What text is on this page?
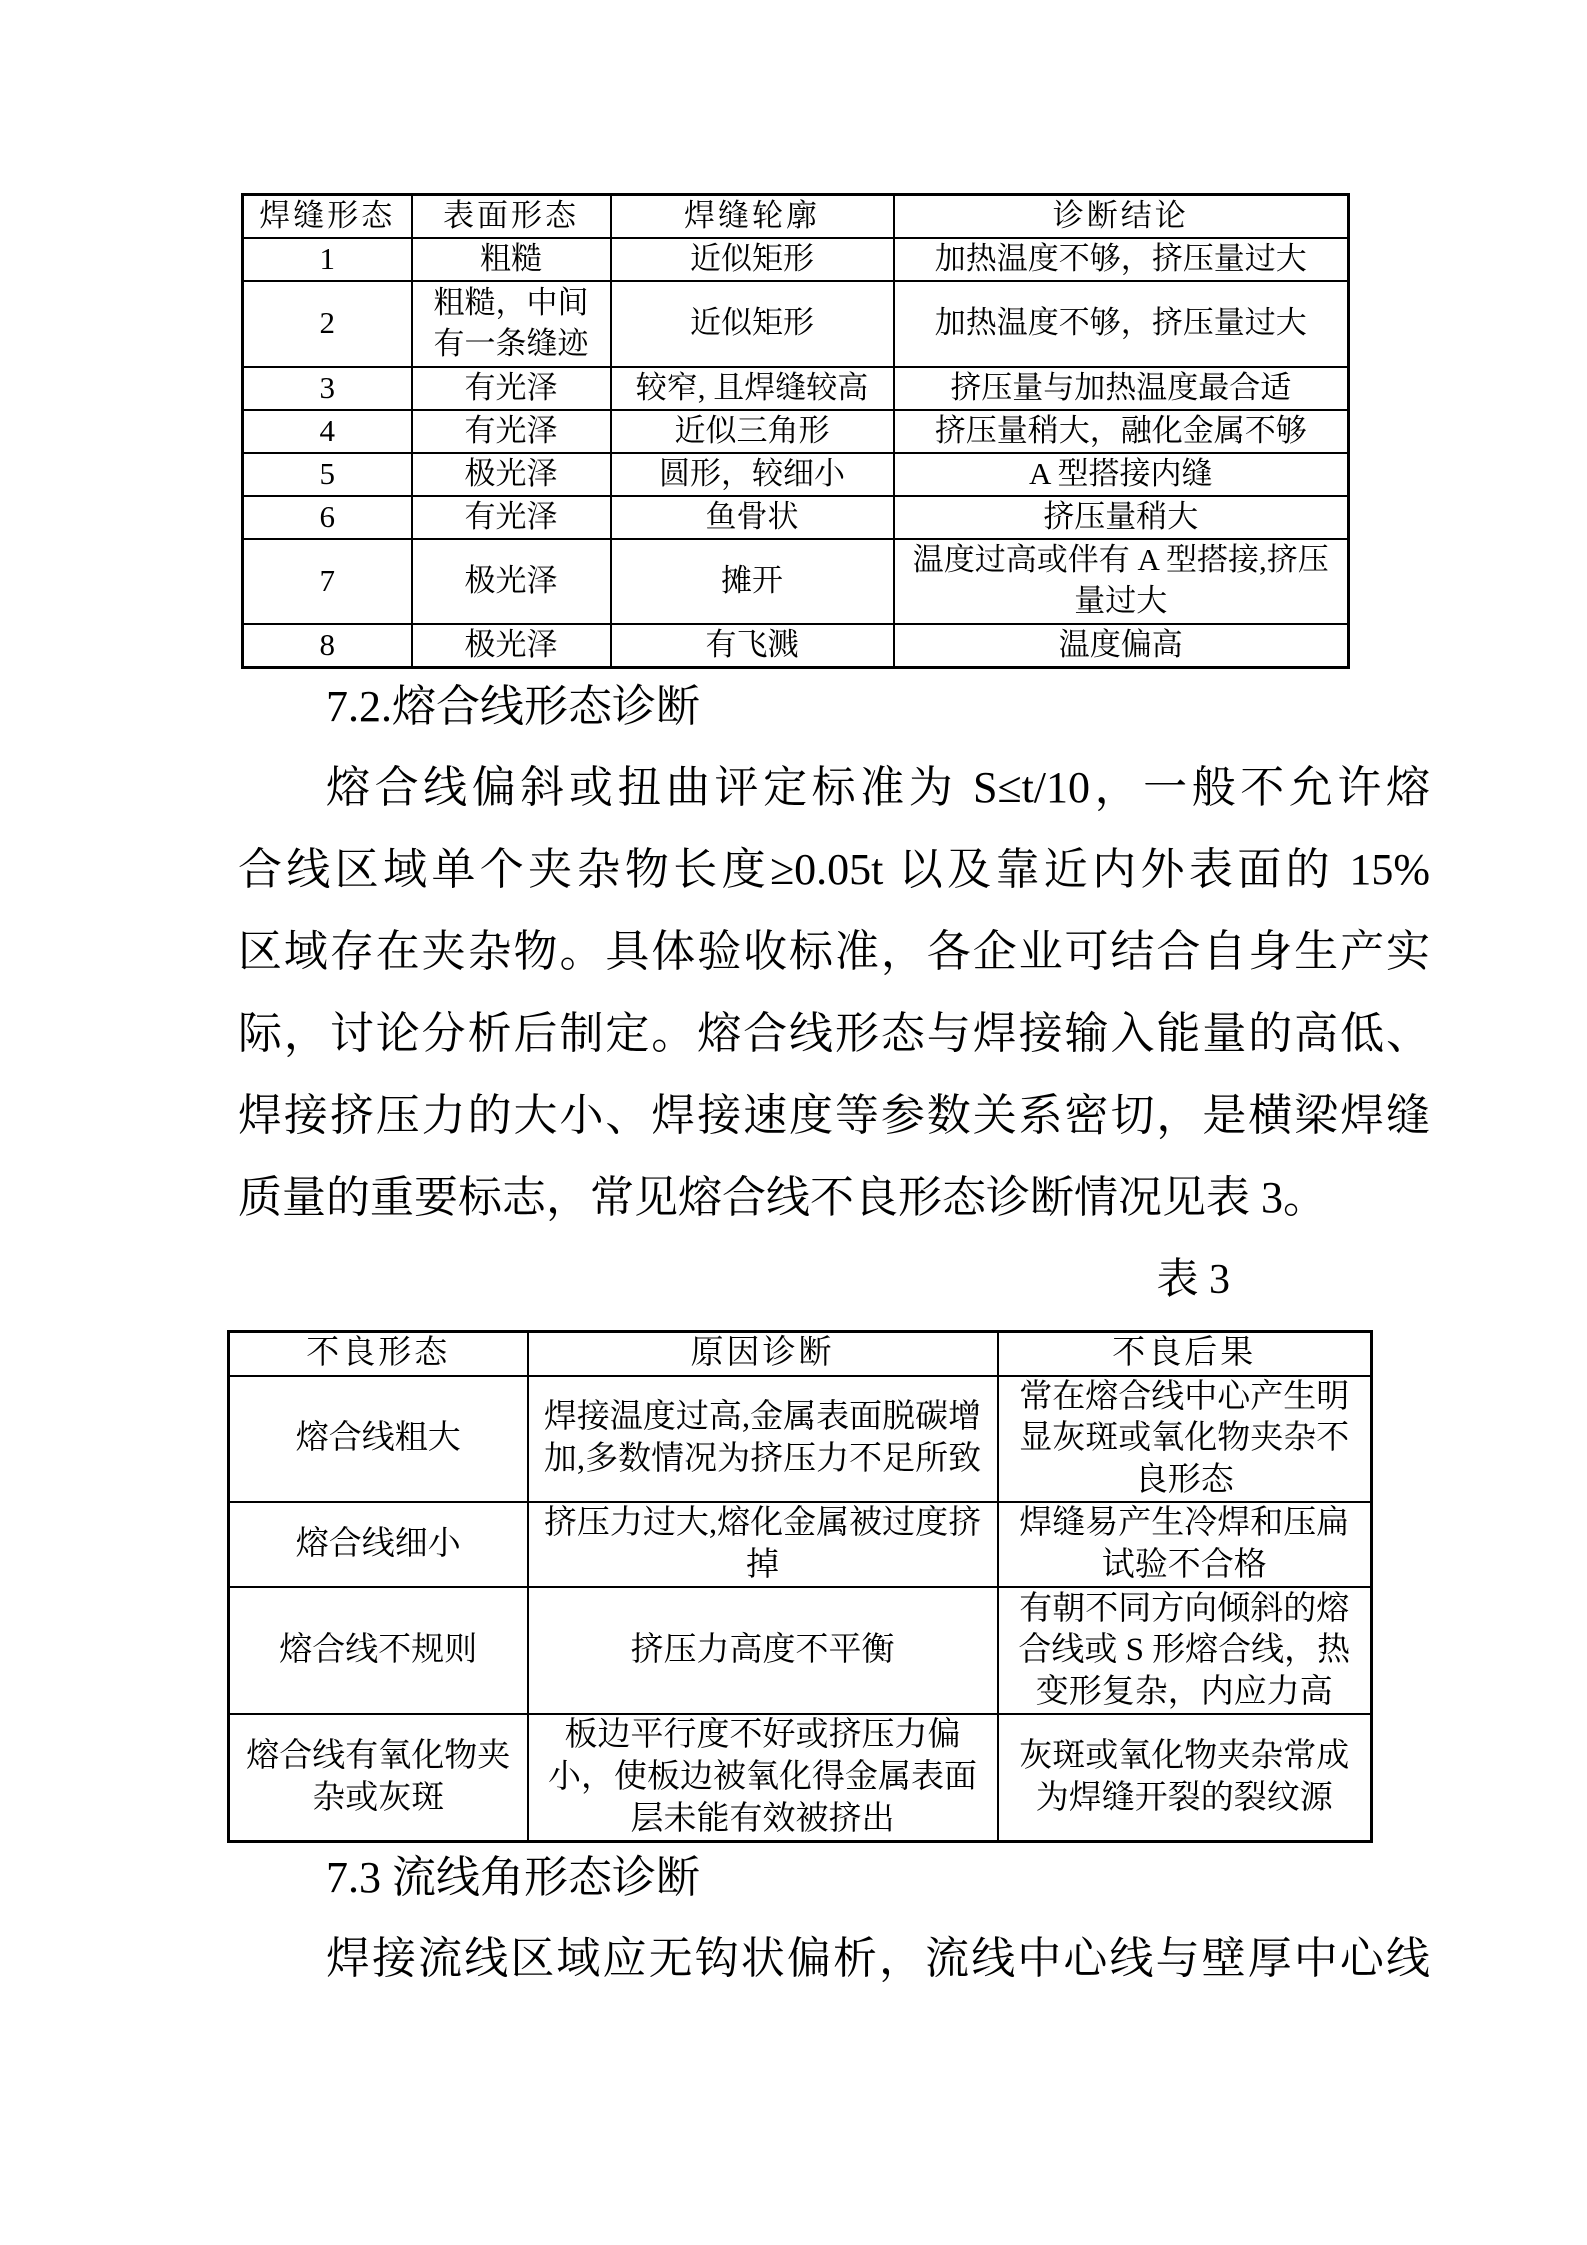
焊缝形态	表面形态	焊缝轮廓	诊断结论
1	粗糙	近似矩形	加热温度不够，挤压量过大
2	粗糙，中间有一条缝迹	近似矩形	加热温度不够，挤压量过大
3	有光泽	较窄, 且焊缝较高	挤压量与加热温度最合适
4	有光泽	近似三角形	挤压量稍大，融化金属不够
5	极光泽	圆形，较细小	A 型搭接内缝
6	有光泽	鱼骨状	挤压量稍大
7	极光泽	摊开	温度过高或伴有 A 型搭接,挤压量过大
8	极光泽	有飞溅	温度偏高
7.2.熔合线形态诊断
熔合线偏斜或扭曲评定标准为 S≤t/10，一般不允许熔
合线区域单个夹杂物长度≥0.05t 以及靠近内外表面的 15%
区域存在夹杂物。具体验收标准，各企业可结合自身生产实
际，讨论分析后制定。熔合线形态与焊接输入能量的高低、
焊接挤压力的大小、焊接速度等参数关系密切，是横梁焊缝
质量的重要标志，常见熔合线不良形态诊断情况见表 3。
表 3
不良形态	原因诊断	不良后果
熔合线粗大	焊接温度过高,金属表面脱碳增加,多数情况为挤压力不足所致	常在熔合线中心产生明显灰斑或氧化物夹杂不良形态
熔合线细小	挤压力过大,熔化金属被过度挤掉	焊缝易产生冷焊和压扁试验不合格
熔合线不规则	挤压力高度不平衡	有朝不同方向倾斜的熔合线或 S 形熔合线，热变形复杂，内应力高
熔合线有氧化物夹杂或灰斑	板边平行度不好或挤压力偏小，使板边被氧化得金属表面层未能有效被挤出	灰斑或氧化物夹杂常成为焊缝开裂的裂纹源
7.3 流线角形态诊断
焊接流线区域应无钩状偏析，流线中心线与壁厚中心线
